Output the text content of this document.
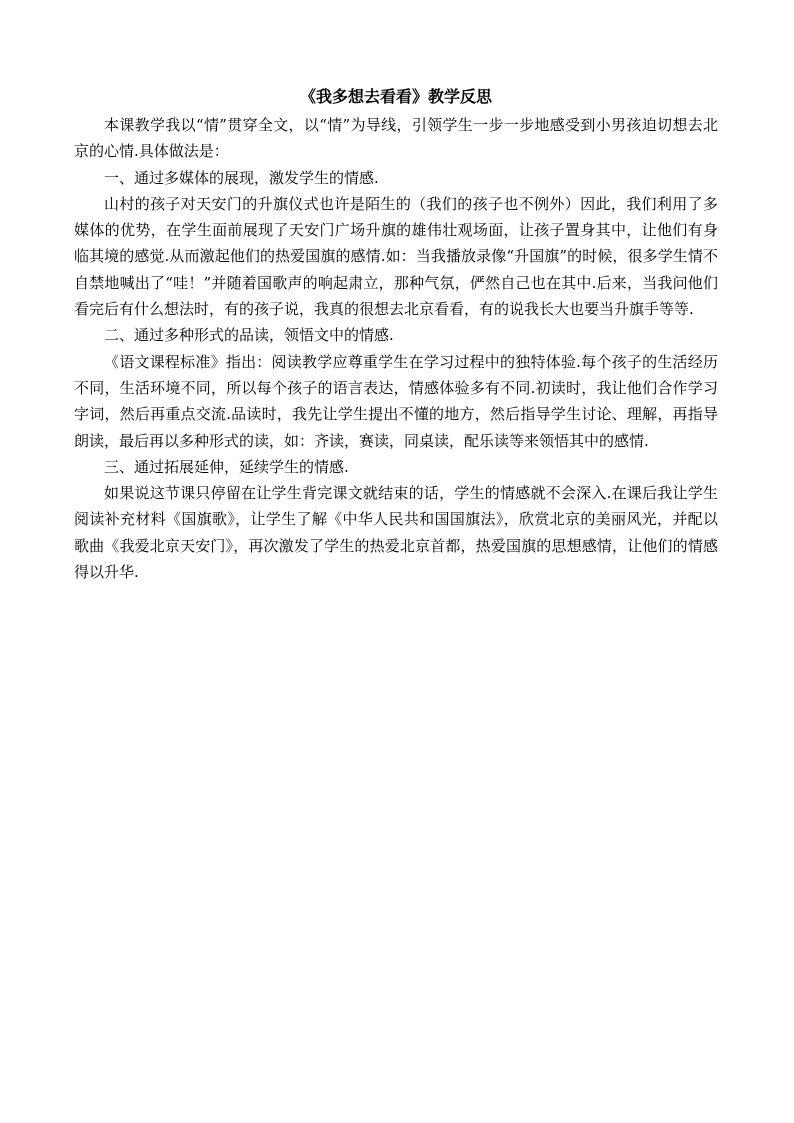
《我多想去看看》教学反思

本课教学我以“情”贯穿全文，以“情”为导线，引领学生一步一步地感受到小男孩迫切想去北京的心情.具体做法是：

一、通过多媒体的展现，激发学生的情感.

山村的孩子对天安门的升旗仪式也许是陌生的（我们的孩子也不例外）因此，我们利用了多媒体的优势，在学生面前展现了天安门广场升旗的雄伟壮观场面，让孩子置身其中，让他们有身临其境的感觉.从而激起他们的热爱国旗的感情.如：当我播放录像“升国旗”的时候，很多学生情不自禁地喊出了“哇！”并随着国歌声的响起肃立，那种气氛，俨然自己也在其中.后来，当我问他们看完后有什么想法时，有的孩子说，我真的很想去北京看看，有的说我长大也要当升旗手等等.

二、通过多种形式的品读，领悟文中的情感.

《语文课程标准》指出：阅读教学应尊重学生在学习过程中的独特体验.每个孩子的生活经历不同，生活环境不同，所以每个孩子的语言表达，情感体验多有不同.初读时，我让他们合作学习字词，然后再重点交流.品读时，我先让学生提出不懂的地方，然后指导学生讨论、理解，再指导朗读，最后再以多种形式的读，如：齐读，赛读，同桌读，配乐读等来领悟其中的感情.

三、通过拓展延伸，延续学生的情感.

如果说这节课只停留在让学生背完课文就结束的话，学生的情感就不会深入.在课后我让学生阅读补充材料《国旗歌》，让学生了解《中华人民共和国国旗法》，欣赏北京的美丽风光，并配以歌曲《我爱北京天安门》，再次激发了学生的热爱北京首都，热爱国旗的思想感情，让他们的情感得以升华.
